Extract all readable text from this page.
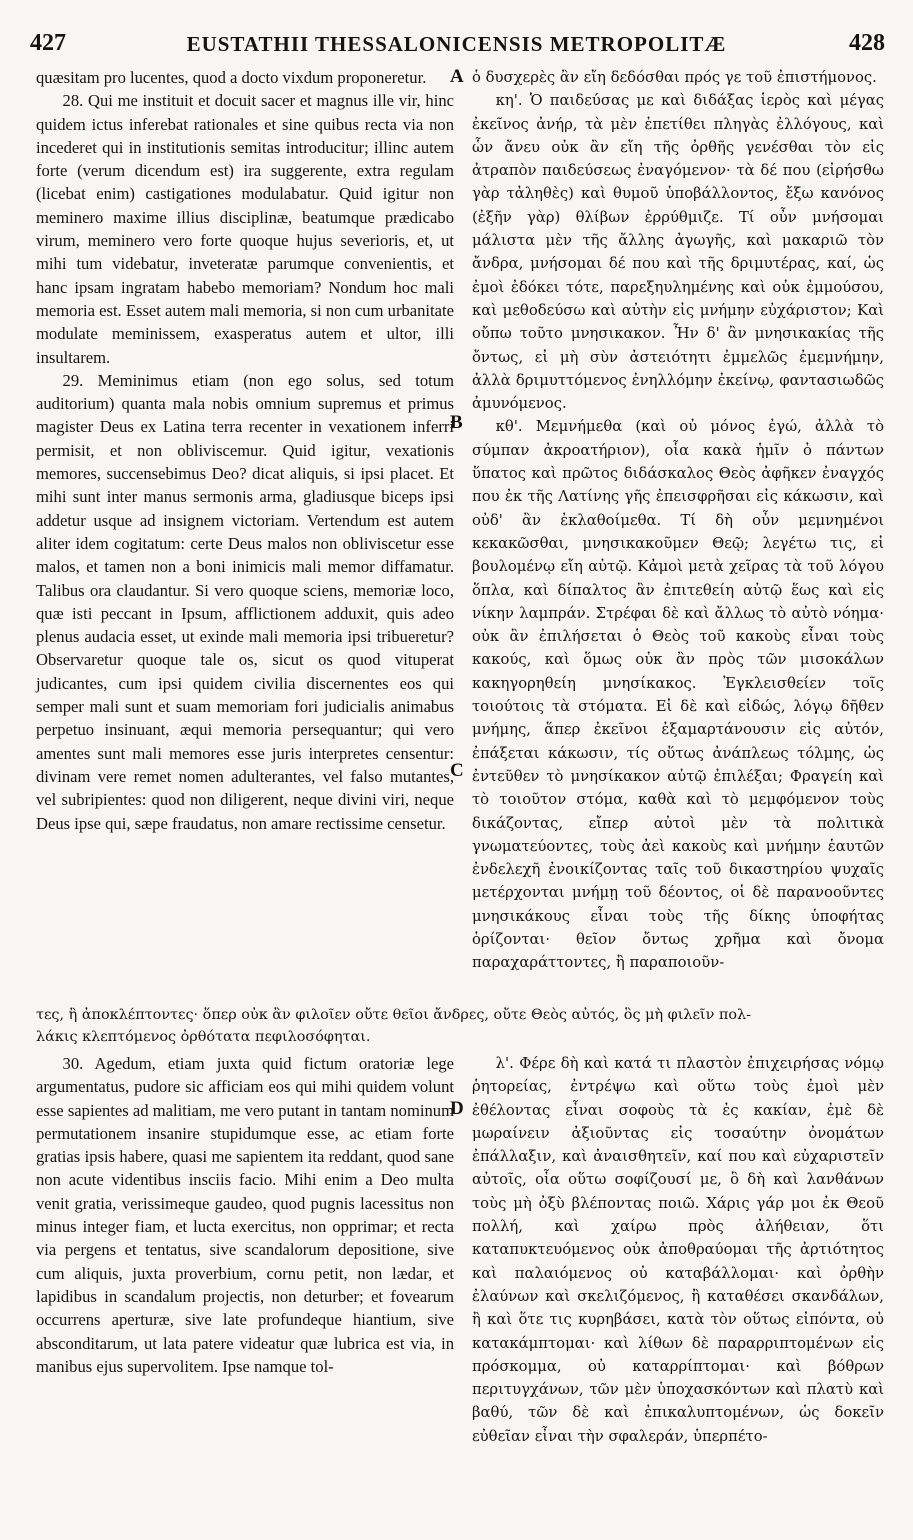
427	EUSTATHII THESSALONICENSIS METROPOLITÆ	428

quæsitam pro lucentes, quod a docto vixdum proponeretur.

28. Qui me instituit et docuit sacer et magnus ille vir, hinc quidem ictus inferebat rationales et sine quibus recta via non incederet qui in institutionis semitas introducitur; illinc autem forte (verum dicendum est) ira suggerente, extra regulam (licebat enim) castigationes modulabatur. Quid igitur non meminero maxime illius disciplinæ, beatumque prædicabo virum, meminero vero forte quoque hujus severioris, et, ut mihi tum videbatur, inveteratæ parumque convenientis, et hanc ipsam ingratam habebo memoriam? Nondum hoc mali memoria est. Esset autem mali memoria, si non cum urbanitate modulate meminissem, exasperatus autem et ultor, illi insultarem.

29. Meminimus etiam (non ego solus, sed totum auditorium) quanta mala nobis omnium supremus et primus magister Deus ex Latina terra recenter in vexationem inferri permisit, et non obliviscemur. Quid igitur, vexationis memores, succensebimus Deo? dicat aliquis, si ipsi placet. Et mihi sunt inter manus sermonis arma, gladiusque biceps ipsi addetur usque ad insignem victoriam. Vertendum est autem aliter idem cogitatum: certe Deus malos non obliviscetur esse malos, et tamen non a boni inimicis mali memor diffamatur. Talibus ora claudantur. Si vero quoque sciens, memoriæ loco, quæ isti peccant in Ipsum, afflictionem adduxit, quis adeo plenus audacia esset, ut exinde mali memoria ipsi tribueretur? Observaretur quoque tale os, sicut os quod vituperat judicantes, cum ipsi quidem civilia discernentes eos qui semper mali sunt et suam memoriam fori judicialis animabus perpetuo insinuant, æqui memoria persequantur; qui vero amentes sunt mali memores esse juris interpretes censentur: divinam vere remet nomen adulterantes, vel falso mutantes, vel subripientes: quod non diligerent, neque divini viri, neque Deus ipse qui, sæpe fraudatus, non amare rectissime censetur.

ὁ δυσχερὲς ἂν εἴη δεδόσθαι πρός γε τοῦ ἐπιστήμονος.

κη'. Ὁ παιδεύσας με καὶ διδάξας ἱερὸς καὶ μέγας ἐκεῖνος ἀνήρ, τὰ μὲν ἐπετίθει πληγὰς ἐλλόγους, καὶ ὧν ἄνευ οὐκ ἂν εἴη τῆς ὀρθῆς γενέσθαι τὸν εἰς ἀτραπὸν παιδεύσεως ἐναγόμενον· τὰ δέ που (εἰρήσθω γὰρ τἀληθὲς) καὶ θυμοῦ ὑποβάλλοντος, ἔξω κανόνος (ἐξῆν γὰρ) θλίβων ἐρρύθμιζε. Τί οὖν μνήσομαι μάλιστα μὲν τῆς ἄλλης ἀγωγῆς, καὶ μακαριῶ τὸν ἄνδρα, μνήσομαι δέ που καὶ τῆς δριμυτέρας, καί, ὡς ἐμοὶ ἐδόκει τότε, παρεξηυλημένης καὶ οὐκ ἐμμούσου, καὶ μεθοδεύσω καὶ αὐτὴν εἰς μνήμην εὐχάριστον; Καὶ οὔπω τοῦτο μνησικακον. Ἦν δ' ἂν μνησικακίας τῆς ὄντως, εἰ μὴ σὺν ἀστειότητι ἐμμελῶς ἐμεμνήμην, ἀλλὰ δριμυττόμενος ἐνηλλόμην ἐκείνῳ, φαντασιωδῶς ἀμυνόμενος.

κθ'. Μεμνήμεθα (καὶ οὐ μόνος ἐγώ, ἀλλὰ τὸ σύμπαν ἀκροατήριον), οἷα κακὰ ἡμῖν ὁ πάντων ὕπατος καὶ πρῶτος διδάσκαλος Θεὸς ἀφῆκεν ἐναγχός που ἐκ τῆς Λατίνης γῆς ἐπεισφρῆσαι εἰς κάκωσιν, καὶ οὐδ' ἂν ἐκλαθοίμεθα. Τί δὴ οὖν μεμνημένοι κεκακῶσθαι, μνησικακοῦμεν Θεῷ; λεγέτω τις, εἰ βουλομένῳ εἴη αὐτῷ. Κἀμοὶ μετὰ χεῖρας τὰ τοῦ λόγου ὅπλα, καὶ δίπαλτος ἂν ἐπιτεθείη αὐτῷ ἕως καὶ εἰς νίκην λαμπράν. Στρέφαι δὲ καὶ ἄλλως τὸ αὐτὸ νόημα· οὐκ ἂν ἐπιλήσεται ὁ Θεὸς τοῦ κακοὺς εἶναι τοὺς κακούς, καὶ ὅμως οὐκ ἂν πρὸς τῶν μισοκάλων κακηγορηθείη μνησίκακος. Ἐγκλεισθείεν τοῖς τοιούτοις τὰ στόματα. Εἰ δὲ καὶ εἰδώς, λόγῳ δῆθεν μνήμης, ἅπερ ἐκεῖνοι ἐξαμαρτάνουσιν εἰς αὐτόν, ἐπάξεται κάκωσιν, τίς οὕτως ἀνάπλεως τόλμης, ὡς ἐντεῦθεν τὸ μνησίκακον αὐτῷ ἐπιλέξαι; Φραγείη καὶ τὸ τοιοῦτον στόμα, καθὰ καὶ τὸ μεμφόμενον τοὺς δικάζοντας, εἴπερ αὐτοὶ μὲν τὰ πολιτικὰ γνωματεύοντες, τοὺς ἀεὶ κακοὺς καὶ μνήμην ἑαυτῶν ἐνδελεχῆ ἐνοικίζοντας ταῖς τοῦ δικαστηρίου ψυχαῖς μετέρχονται μνήμῃ τοῦ δέοντος, οἱ δὲ παρανοοῦντες μνησικάκους εἶναι τοὺς τῆς δίκης ὑποφήτας ὁρίζονται· θεῖον ὄντως χρῆμα καὶ ὄνομα παραχαράττοντες, ἢ παραποιοῦν-

A
B
C
D
τες, ἢ ἀποκλέπτοντες· ὅπερ οὐκ ἂν φιλοῖεν οὔτε θεῖοι ἄνδρες, οὔτε Θεὸς αὐτός, ὃς μὴ φιλεῖν πολ-
λάκις κλεπτόμενος ὀρθότατα πεφιλοσόφηται.

30. Agedum, etiam juxta quid fictum oratoriæ lege argumentatus, pudore sic afficiam eos qui mihi quidem volunt esse sapientes ad malitiam, me vero putant in tantam nominum permutationem insanire stupidumque esse, ac etiam forte gratias ipsis habere, quasi me sapientem ita reddant, quod sane non acute videntibus insciis facio. Mihi enim a Deo multa venit gratia, verissimeque gaudeo, quod pugnis lacessitus non minus integer fiam, et lucta exercitus, non opprimar; et recta via pergens et tentatus, sive scandalorum depositione, sive cum aliquis, juxta proverbium, cornu petit, non lædar, et lapidibus in scandalum projectis, non deturber; et fovearum occurrens aperturæ, sive late profundeque hiantium, sive absconditarum, ut lata patere videatur quæ lubrica est via, in manibus ejus supervolitem. Ipse namque tol-

λ'. Φέρε δὴ καὶ κατά τι πλαστὸν ἐπιχειρήσας νόμῳ ῥητορείας, ἐντρέψω καὶ οὕτω τοὺς ἐμοὶ μὲν ἐθέλοντας εἶναι σοφοὺς τὰ ἐς κακίαν, ἐμὲ δὲ μωραίνειν ἀξιοῦντας εἰς τοσαύτην ὀνομάτων ἐπάλλαξιν, καὶ ἀναισθητεῖν, καί που καὶ εὐχαριστεῖν αὐτοῖς, οἷα οὕτω σοφίζουσί με, ὃ δὴ καὶ λανθάνων τοὺς μὴ ὀξὺ βλέποντας ποιῶ. Χάρις γάρ μοι ἐκ Θεοῦ πολλή, καὶ χαίρω πρὸς ἀλήθειαν, ὅτι καταπυκτευόμενος οὐκ ἀποθραύομαι τῆς ἀρτιότητος καὶ παλαιόμενος οὐ καταβάλλομαι· καὶ ὀρθὴν ἐλαύνων καὶ σκελιζόμενος, ἢ καταθέσει σκανδάλων, ἢ καὶ ὅτε τις κυρηβάσει, κατὰ τὸν οὕτως εἰπόντα, οὐ κατακάμπτομαι· καὶ λίθων δὲ παραρριπτομένων εἰς πρόσκομμα, οὐ καταρρίπτομαι· καὶ βόθρων περιτυγχάνων, τῶν μὲν ὑποχασκόντων καὶ πλατὺ καὶ βαθύ, τῶν δὲ καὶ ἐπικαλυπτομένων, ὡς δοκεῖν εὐθεῖαν εἶναι τὴν σφαλεράν, ὑπερπέτο-
